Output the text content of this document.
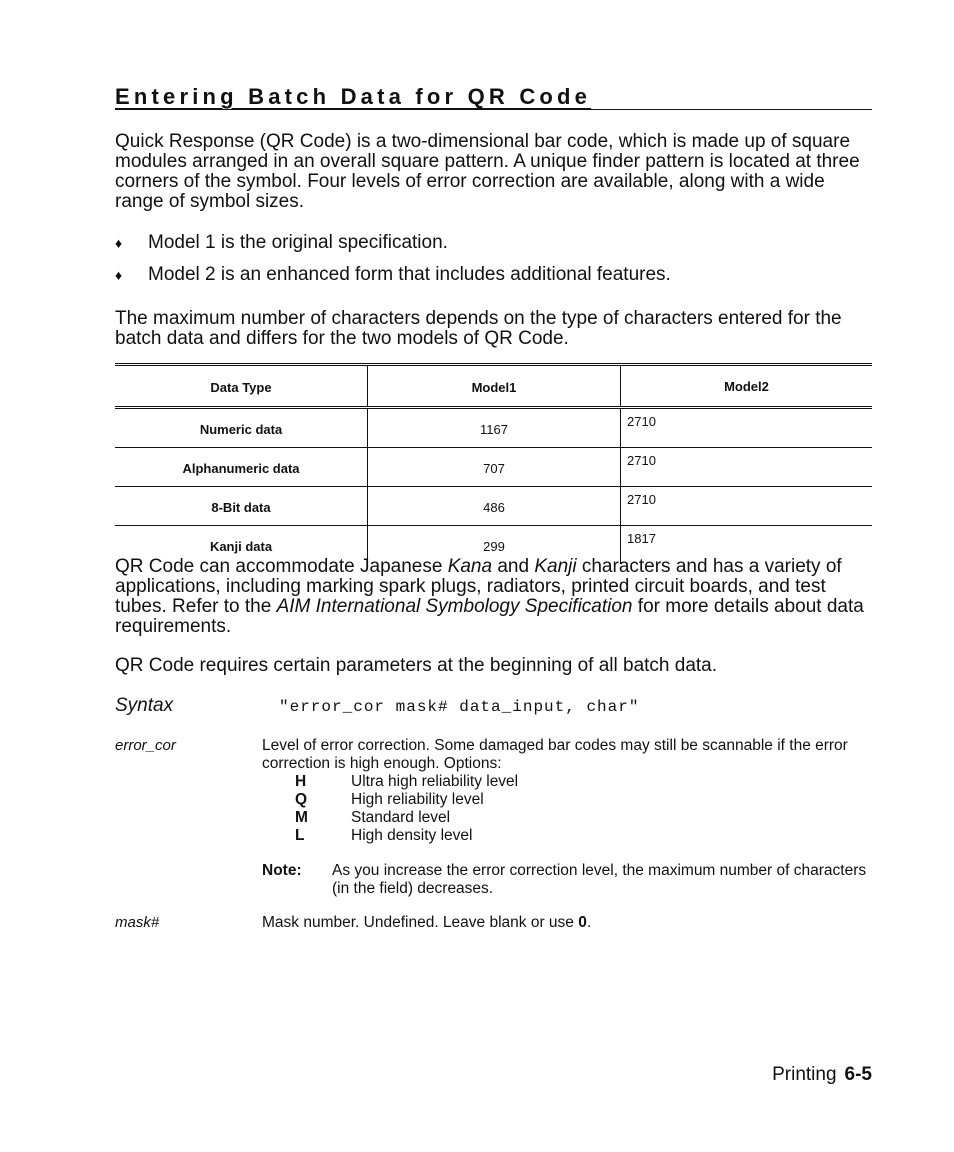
Entering Batch Data for QR Code

Quick Response (QR Code) is a two-dimensional bar code, which is made up of square modules arranged in an overall square pattern. A unique finder pattern is located at three corners of the symbol. Four levels of error correction are available, along with a wide range of symbol sizes.

♦ Model 1 is the original specification.
♦ Model 2 is an enhanced form that includes additional features.

The maximum number of characters depends on the type of characters entered for the batch data and differs for the two models of QR Code.

Data Type	Model1	Model2
Numeric data	1167	2710
Alphanumeric data	707	2710
8-Bit data	486	2710
Kanji data	299	1817

QR Code can accommodate Japanese Kana and Kanji characters and has a variety of applications, including marking spark plugs, radiators, printed circuit boards, and test tubes. Refer to the AIM International Symbology Specification for more details about data requirements.

QR Code requires certain parameters at the beginning of all batch data.

Syntax	"error_cor mask# data_input, char"
error_cor	Level of error correction. Some damaged bar codes may still be scannable if the error correction is high enough. Options:
H	Ultra high reliability level
Q	High reliability level
M	Standard level
L	High density level
Note: As you increase the error correction level, the maximum number of characters (in the field) decreases.
mask#	Mask number. Undefined. Leave blank or use 0.
Printing 6-5
